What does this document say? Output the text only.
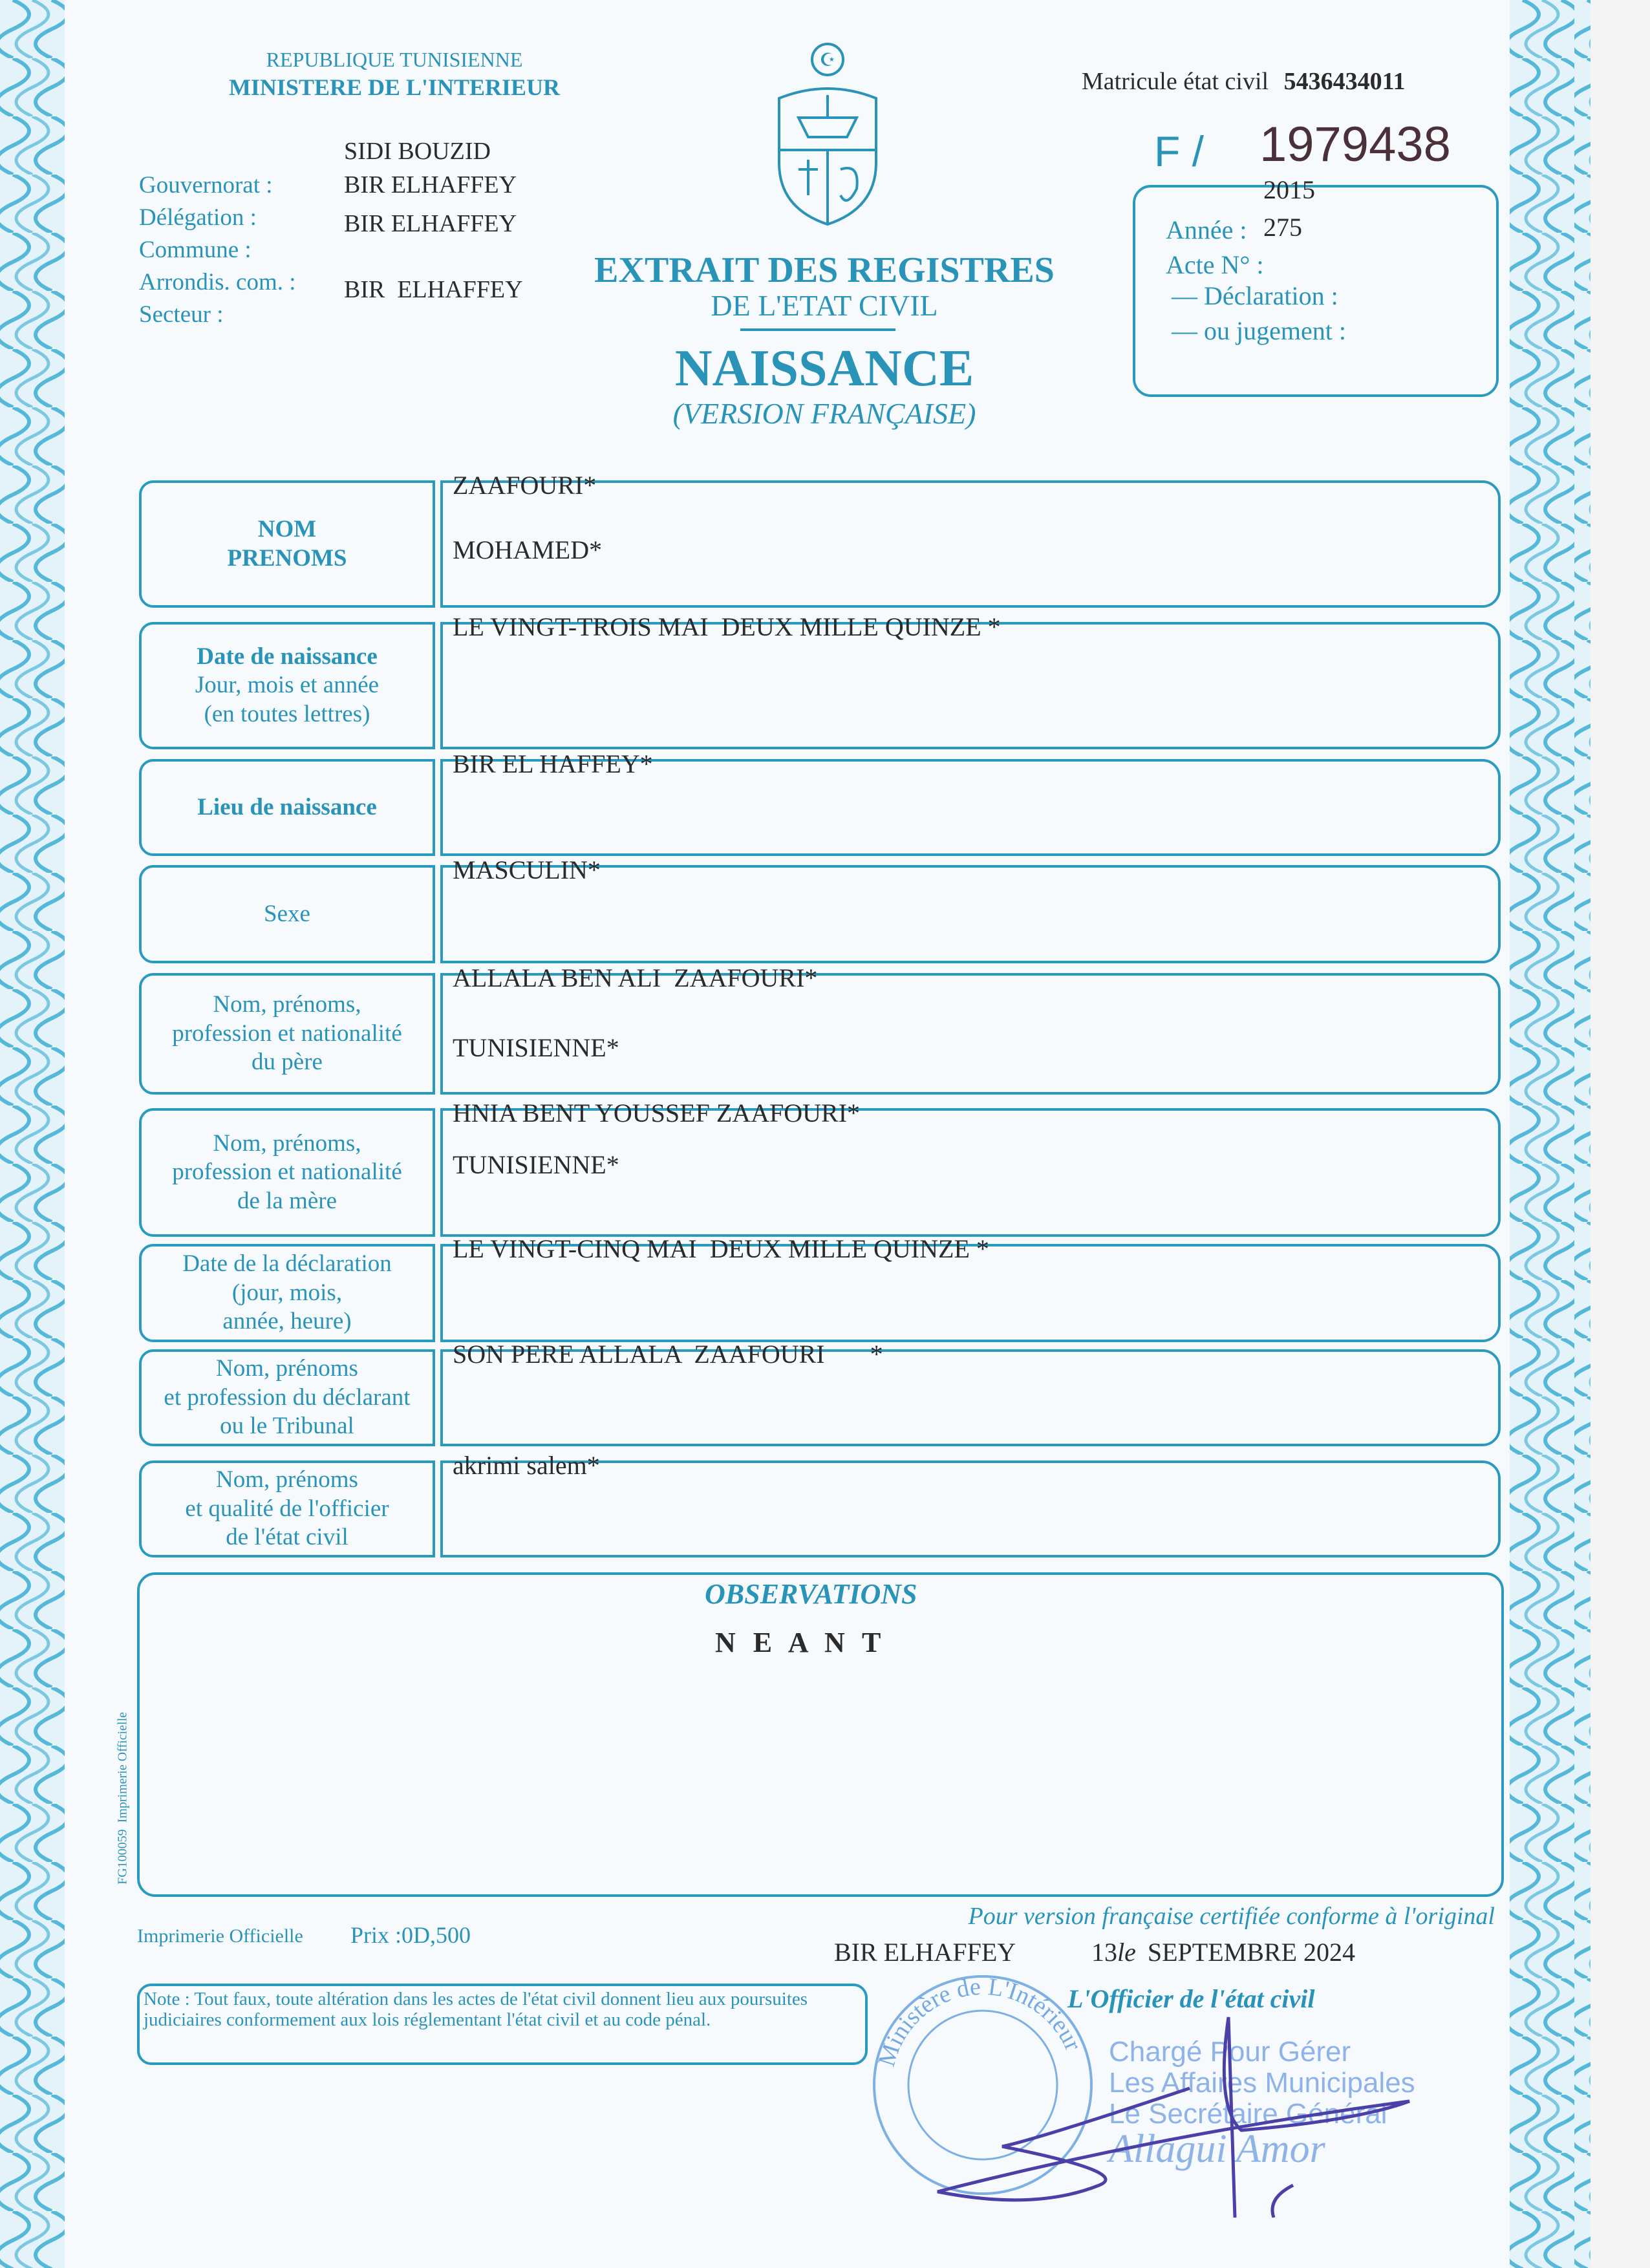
REPUBLIQUE TUNISIENNE
MINISTERE DE L'INTERIEUR
Gouvernorat :
Délégation :
Commune :
Arrondis. com. :
Secteur :
SIDI BOUZID
BIR ELHAFFEY
BIR ELHAFFEY
BIR  ELHAFFEY
☪
EXTRAIT DES REGISTRES
DE L'ETAT CIVIL
NAISSANCE
(VERSION FRANÇAISE)
Matricule état civil 5436434011
F / 1979438
2015
Année : 275
Acte N° :
— Déclaration :
— ou jugement :
NOM
PRENOMS
ZAAFOURI*
MOHAMED*
Date de naissance
Jour, mois et année
(en toutes lettres)
LE VINGT-TROIS MAI  DEUX MILLE QUINZE *
Lieu de naissance
BIR EL HAFFEY*
Sexe
MASCULIN*
Nom, prénoms,
profession et nationalité
du père
ALLALA BEN ALI  ZAAFOURI*
TUNISIENNE*
Nom, prénoms,
profession et nationalité
de la mère
HNIA BENT YOUSSEF ZAAFOURI*
TUNISIENNE*
Date de la déclaration
(jour, mois,
année, heure)
LE VINGT-CINQ MAI  DEUX MILLE QUINZE *
Nom, prénoms
et profession du déclarant
ou le Tribunal
SON PERE ALLALA  ZAAFOURI       *
Nom, prénoms
et qualité de l'officier
de l'état civil
akrimi salem*
OBSERVATIONS
N E A N T
FG100059  Imprimerie Officielle
Imprimerie Officielle Prix :0D,500
Pour version française certifiée conforme à l'original
BIR ELHAFFEY	13le SEPTEMBRE 2024
L'Officier de l'état civil
Note : Tout faux, toute altération dans les actes de l'état civil donnent lieu aux poursuites judiciaires conformement aux lois réglementant l'état civil et au code pénal.
Ministère de L'Intérieur Chargé Pour Gérer
Les Affaires Municipales
Le Secrétaire Général
Allagui Amor
